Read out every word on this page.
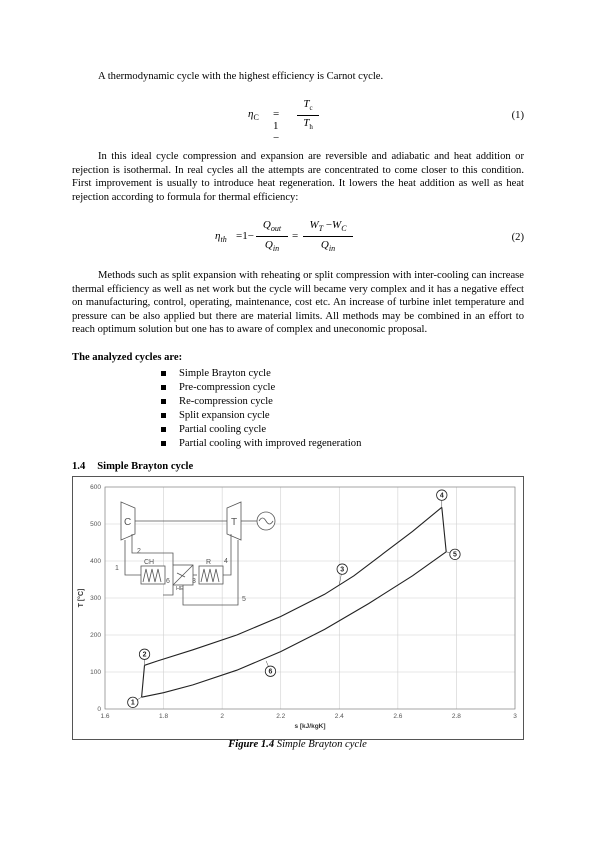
A thermodynamic cycle with the highest efficiency is Carnot cycle.

$\eta_C = 1$ −
$T_c$
$T_h$
(1)

In this ideal cycle compression and expansion are reversible and adiabatic and heat addition or rejection is isothermal. In real cycles all the attempts are concentrated to come closer to this condition. First improvement is usually to introduce heat regeneration. It lowers the heat addition as well as heat rejection according to formula for thermal efficiency:

$\eta_{th} =1-$
$Q_{out}$
$Q_{in}$
=
$W_T -W_C$
$Q_{in}$
(2)

Methods such as split expansion with reheating or split compression with inter-cooling can increase thermal efficiency as well as net work but the cycle will became very complex and it has a negative effect on manufacturing, control, operating, maintenance, cost etc. An increase of turbine inlet temperature and pressure can be also applied but there are material limits. All methods may be combined in an effort to reach optimum solution but one has to aware of complex and uneconomic proposal.

The analyzed cycles are:
Simple Brayton cycle
Pre-compression cycle
Re-compression cycle
Split expansion cycle
Partial cooling cycle
Partial cooling with improved regeneration
1.4 Simple Brayton cycle
1.6	1.8	2	2.2	2.4	2.6	2.8	3
0
100
200
300
400
500
600
1
2
3
4
5
6
s [kJ/kgK]
T [°C]
C	T
CH	R
HE
1
2
3
4
5
6
Figure 1.4 Simple Brayton cycle
